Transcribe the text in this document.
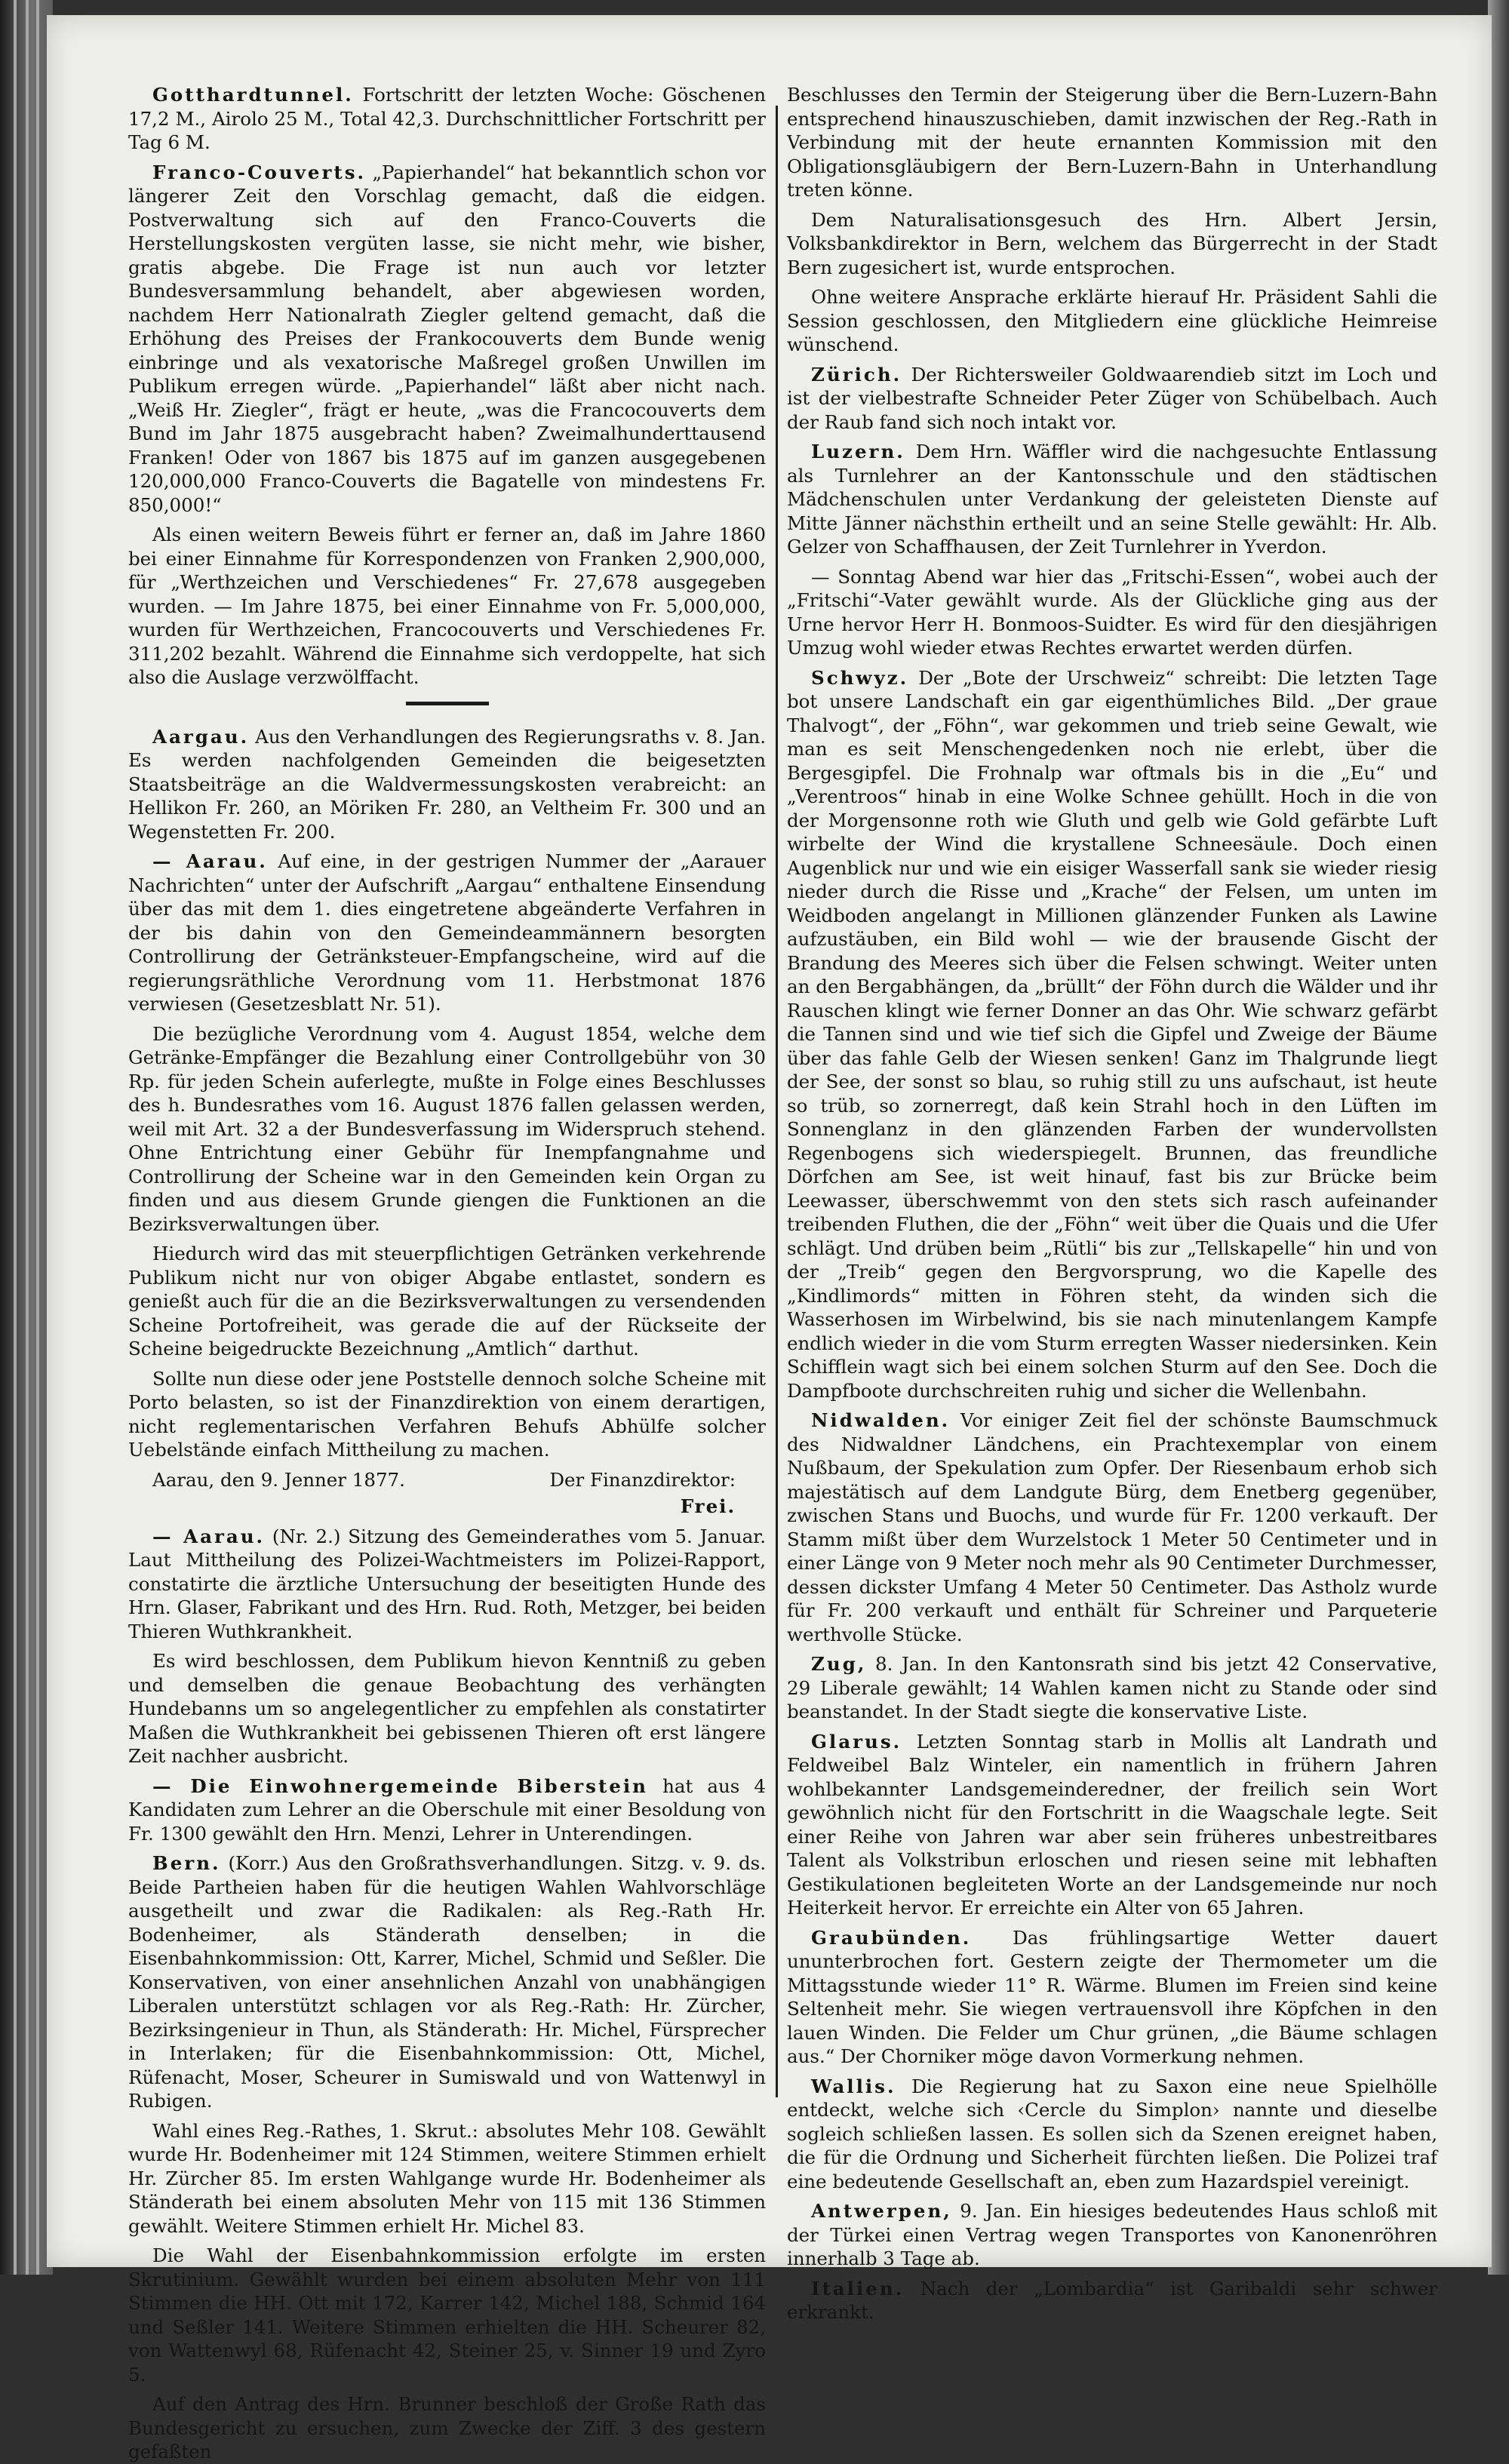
Gotthardtunnel. Fortschritt der letzten Woche: Göschenen 17,2 M., Airolo 25 M., Total 42,3. Durchschnittlicher Fortschritt per Tag 6 M.

Franco-Couverts. „Papierhandel“ hat bekanntlich schon vor längerer Zeit den Vorschlag gemacht, daß die eidgen. Postverwaltung sich auf den Franco-Couverts die Herstellungskosten vergüten lasse, sie nicht mehr, wie bisher, gratis abgebe. Die Frage ist nun auch vor letzter Bundesversammlung behandelt, aber abgewiesen worden, nachdem Herr Nationalrath Ziegler geltend gemacht, daß die Erhöhung des Preises der Frankocouverts dem Bunde wenig einbringe und als vexatorische Maßregel großen Unwillen im Publikum erregen würde. „Papierhandel“ läßt aber nicht nach. „Weiß Hr. Ziegler“, frägt er heute, „was die Francocouverts dem Bund im Jahr 1875 ausgebracht haben? Zweimalhunderttausend Franken! Oder von 1867 bis 1875 auf im ganzen ausgegebenen 120,000,000 Franco-Couverts die Bagatelle von mindestens Fr. 850,000!“

Als einen weitern Beweis führt er ferner an, daß im Jahre 1860 bei einer Einnahme für Korrespondenzen von Franken 2,900,000, für „Werthzeichen und Verschiedenes“ Fr. 27,678 ausgegeben wurden. — Im Jahre 1875, bei einer Einnahme von Fr. 5,000,000, wurden für Werthzeichen, Francocouverts und Verschiedenes Fr. 311,202 bezahlt. Während die Einnahme sich verdoppelte, hat sich also die Auslage verzwölffacht.

Aargau. Aus den Verhandlungen des Regierungsraths v. 8. Jan. Es werden nachfolgenden Gemeinden die beigesetzten Staatsbeiträge an die Waldvermessungskosten verabreicht: an Hellikon Fr. 260, an Möriken Fr. 280, an Veltheim Fr. 300 und an Wegenstetten Fr. 200.

— Aarau. Auf eine, in der gestrigen Nummer der „Aarauer Nachrichten“ unter der Aufschrift „Aargau“ enthaltene Einsendung über das mit dem 1. dies eingetretene abgeänderte Verfahren in der bis dahin von den Gemeindeammännern besorgten Controllirung der Getränksteuer-Empfangscheine, wird auf die regierungsräthliche Verordnung vom 11. Herbstmonat 1876 verwiesen (Gesetzesblatt Nr. 51).

Die bezügliche Verordnung vom 4. August 1854, welche dem Getränke-Empfänger die Bezahlung einer Controllgebühr von 30 Rp. für jeden Schein auferlegte, mußte in Folge eines Beschlusses des h. Bundesrathes vom 16. August 1876 fallen gelassen werden, weil mit Art. 32 a der Bundesverfassung im Widerspruch stehend. Ohne Entrichtung einer Gebühr für Inempfangnahme und Controllirung der Scheine war in den Gemeinden kein Organ zu finden und aus diesem Grunde giengen die Funktionen an die Bezirksverwaltungen über.

Hiedurch wird das mit steuerpflichtigen Getränken verkehrende Publikum nicht nur von obiger Abgabe entlastet, sondern es genießt auch für die an die Bezirksverwaltungen zu versendenden Scheine Portofreiheit, was gerade die auf der Rückseite der Scheine beigedruckte Bezeichnung „Amtlich“ darthut.

Sollte nun diese oder jene Poststelle dennoch solche Scheine mit Porto belasten, so ist der Finanzdirektion von einem derartigen, nicht reglementarischen Verfahren Behufs Abhülfe solcher Uebelstände einfach Mittheilung zu machen.

Aarau, den 9. Jenner 1877.	Der Finanzdirektor:
Frei.

— Aarau. (Nr. 2.) Sitzung des Gemeinderathes vom 5. Januar. Laut Mittheilung des Polizei-Wachtmeisters im Polizei-Rapport, constatirte die ärztliche Untersuchung der beseitigten Hunde des Hrn. Glaser, Fabrikant und des Hrn. Rud. Roth, Metzger, bei beiden Thieren Wuthkrankheit.

Es wird beschlossen, dem Publikum hievon Kenntniß zu geben und demselben die genaue Beobachtung des verhängten Hundebanns um so angelegentlicher zu empfehlen als constatirter Maßen die Wuthkrankheit bei gebissenen Thieren oft erst längere Zeit nachher ausbricht.

— Die Einwohnergemeinde Biberstein hat aus 4 Kandidaten zum Lehrer an die Oberschule mit einer Besoldung von Fr. 1300 gewählt den Hrn. Menzi, Lehrer in Unterendingen.

Bern. (Korr.) Aus den Großrathsverhandlungen. Sitzg. v. 9. ds. Beide Partheien haben für die heutigen Wahlen Wahlvorschläge ausgetheilt und zwar die Radikalen: als Reg.-Rath Hr. Bodenheimer, als Ständerath denselben; in die Eisenbahnkommission: Ott, Karrer, Michel, Schmid und Seßler. Die Konservativen, von einer ansehnlichen Anzahl von unabhängigen Liberalen unterstützt schlagen vor als Reg.-Rath: Hr. Zürcher, Bezirksingenieur in Thun, als Ständerath: Hr. Michel, Fürsprecher in Interlaken; für die Eisenbahnkommission: Ott, Michel, Rüfenacht, Moser, Scheurer in Sumiswald und von Wattenwyl in Rubigen.

Wahl eines Reg.-Rathes, 1. Skrut.: absolutes Mehr 108. Gewählt wurde Hr. Bodenheimer mit 124 Stimmen, weitere Stimmen erhielt Hr. Zürcher 85. Im ersten Wahlgange wurde Hr. Bodenheimer als Ständerath bei einem absoluten Mehr von 115 mit 136 Stimmen gewählt. Weitere Stimmen erhielt Hr. Michel 83.

Die Wahl der Eisenbahnkommission erfolgte im ersten Skrutinium. Gewählt wurden bei einem absoluten Mehr von 111 Stimmen die HH. Ott mit 172, Karrer 142, Michel 188, Schmid 164 und Seßler 141. Weitere Stimmen erhielten die HH. Scheurer 82, von Wattenwyl 68, Rüfenacht 42, Steiner 25, v. Sinner 19 und Zyro 5.

Auf den Antrag des Hrn. Brunner beschloß der Große Rath das Bundesgericht zu ersuchen, zum Zwecke der Ziff. 3 des gestern gefaßten

Beschlusses den Termin der Steigerung über die Bern-Luzern-Bahn entsprechend hinauszuschieben, damit inzwischen der Reg.-Rath in Verbindung mit der heute ernannten Kommission mit den Obligationsgläubigern der Bern-Luzern-Bahn in Unterhandlung treten könne.

Dem Naturalisationsgesuch des Hrn. Albert Jersin, Volksbankdirektor in Bern, welchem das Bürgerrecht in der Stadt Bern zugesichert ist, wurde entsprochen.

Ohne weitere Ansprache erklärte hierauf Hr. Präsident Sahli die Session geschlossen, den Mitgliedern eine glückliche Heimreise wünschend.

Zürich. Der Richtersweiler Goldwaarendieb sitzt im Loch und ist der vielbestrafte Schneider Peter Züger von Schübelbach. Auch der Raub fand sich noch intakt vor.

Luzern. Dem Hrn. Wäffler wird die nachgesuchte Entlassung als Turnlehrer an der Kantonsschule und den städtischen Mädchenschulen unter Verdankung der geleisteten Dienste auf Mitte Jänner nächsthin ertheilt und an seine Stelle gewählt: Hr. Alb. Gelzer von Schaffhausen, der Zeit Turnlehrer in Yverdon.

— Sonntag Abend war hier das „Fritschi-Essen“, wobei auch der „Fritschi“-Vater gewählt wurde. Als der Glückliche ging aus der Urne hervor Herr H. Bonmoos-Suidter. Es wird für den diesjährigen Umzug wohl wieder etwas Rechtes erwartet werden dürfen.

Schwyz. Der „Bote der Urschweiz“ schreibt: Die letzten Tage bot unsere Landschaft ein gar eigenthümliches Bild. „Der graue Thalvogt“, der „Föhn“, war gekommen und trieb seine Gewalt, wie man es seit Menschengedenken noch nie erlebt, über die Bergesgipfel. Die Frohnalp war oftmals bis in die „Eu“ und „Verentroos“ hinab in eine Wolke Schnee gehüllt. Hoch in die von der Morgensonne roth wie Gluth und gelb wie Gold gefärbte Luft wirbelte der Wind die krystallene Schneesäule. Doch einen Augenblick nur und wie ein eisiger Wasserfall sank sie wieder riesig nieder durch die Risse und „Krache“ der Felsen, um unten im Weidboden angelangt in Millionen glänzender Funken als Lawine aufzustäuben, ein Bild wohl — wie der brausende Gischt der Brandung des Meeres sich über die Felsen schwingt. Weiter unten an den Bergabhängen, da „brüllt“ der Föhn durch die Wälder und ihr Rauschen klingt wie ferner Donner an das Ohr. Wie schwarz gefärbt die Tannen sind und wie tief sich die Gipfel und Zweige der Bäume über das fahle Gelb der Wiesen senken! Ganz im Thalgrunde liegt der See, der sonst so blau, so ruhig still zu uns aufschaut, ist heute so trüb, so zornerregt, daß kein Strahl hoch in den Lüften im Sonnenglanz in den glänzenden Farben der wundervollsten Regenbogens sich wiederspiegelt. Brunnen, das freundliche Dörfchen am See, ist weit hinauf, fast bis zur Brücke beim Leewasser, überschwemmt von den stets sich rasch aufeinander treibenden Fluthen, die der „Föhn“ weit über die Quais und die Ufer schlägt. Und drüben beim „Rütli“ bis zur „Tellskapelle“ hin und von der „Treib“ gegen den Bergvorsprung, wo die Kapelle des „Kindlimords“ mitten in Föhren steht, da winden sich die Wasserhosen im Wirbelwind, bis sie nach minutenlangem Kampfe endlich wieder in die vom Sturm erregten Wasser niedersinken. Kein Schifflein wagt sich bei einem solchen Sturm auf den See. Doch die Dampfboote durchschreiten ruhig und sicher die Wellenbahn.

Nidwalden. Vor einiger Zeit fiel der schönste Baumschmuck des Nidwaldner Ländchens, ein Prachtexemplar von einem Nußbaum, der Spekulation zum Opfer. Der Riesenbaum erhob sich majestätisch auf dem Landgute Bürg, dem Enetberg gegenüber, zwischen Stans und Buochs, und wurde für Fr. 1200 verkauft. Der Stamm mißt über dem Wurzelstock 1 Meter 50 Centimeter und in einer Länge von 9 Meter noch mehr als 90 Centimeter Durchmesser, dessen dickster Umfang 4 Meter 50 Centimeter. Das Astholz wurde für Fr. 200 verkauft und enthält für Schreiner und Parqueterie werthvolle Stücke.

Zug, 8. Jan. In den Kantonsrath sind bis jetzt 42 Conservative, 29 Liberale gewählt; 14 Wahlen kamen nicht zu Stande oder sind beanstandet. In der Stadt siegte die konservative Liste.

Glarus. Letzten Sonntag starb in Mollis alt Landrath und Feldweibel Balz Winteler, ein namentlich in frühern Jahren wohlbekannter Landsgemeinderedner, der freilich sein Wort gewöhnlich nicht für den Fortschritt in die Waagschale legte. Seit einer Reihe von Jahren war aber sein früheres unbestreitbares Talent als Volkstribun erloschen und riesen seine mit lebhaften Gestikulationen begleiteten Worte an der Landsgemeinde nur noch Heiterkeit hervor. Er erreichte ein Alter von 65 Jahren.

Graubünden. Das frühlingsartige Wetter dauert ununterbrochen fort. Gestern zeigte der Thermometer um die Mittagsstunde wieder 11° R. Wärme. Blumen im Freien sind keine Seltenheit mehr. Sie wiegen vertrauensvoll ihre Köpfchen in den lauen Winden. Die Felder um Chur grünen, „die Bäume schlagen aus.“ Der Chorniker möge davon Vormerkung nehmen.

Wallis. Die Regierung hat zu Saxon eine neue Spielhölle entdeckt, welche sich ‹Cercle du Simplon› nannte und dieselbe sogleich schließen lassen. Es sollen sich da Szenen ereignet haben, die für die Ordnung und Sicherheit fürchten ließen. Die Polizei traf eine bedeutende Gesellschaft an, eben zum Hazardspiel vereinigt.

Antwerpen, 9. Jan. Ein hiesiges bedeutendes Haus schloß mit der Türkei einen Vertrag wegen Transportes von Kanonenröhren innerhalb 3 Tage ab.

Italien. Nach der „Lombardia“ ist Garibaldi sehr schwer erkrankt.
